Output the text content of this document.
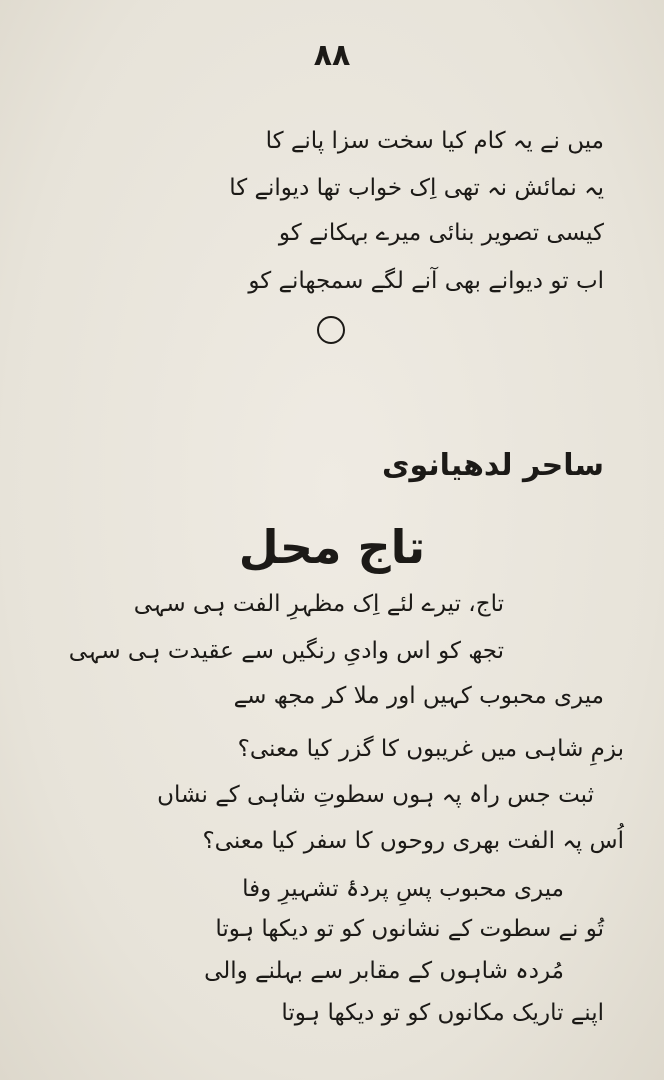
۸۸
میں نے یہ کام کیا سخت سزا پانے کا
یہ نمائش نہ تھی اِک خواب تھا دیوانے کا
کیسی تصویر بنائی میرے بہکانے کو
اب تو دیوانے بھی آنے لگے سمجھانے کو
ساحر لدھیانوی
تاج محل
تاج، تیرے لئے اِک مظہرِ الفت ہی سہی
تجھ کو اس وادیِ رنگیں سے عقیدت ہی سہی
میری محبوب کہیں اور ملا کر مجھ سے
بزمِ شاہی میں غریبوں کا گزر کیا معنی؟
ثبت جس راہ پہ ہوں سطوتِ شاہی کے نشاں
اُس پہ الفت بھری روحوں کا سفر کیا معنی؟
میری محبوب پسِ پردۂ تشہیرِ وفا
تُو نے سطوت کے نشانوں کو تو دیکھا ہوتا
مُردہ شاہوں کے مقابر سے بہلنے والی
اپنے تاریک مکانوں کو تو دیکھا ہوتا
